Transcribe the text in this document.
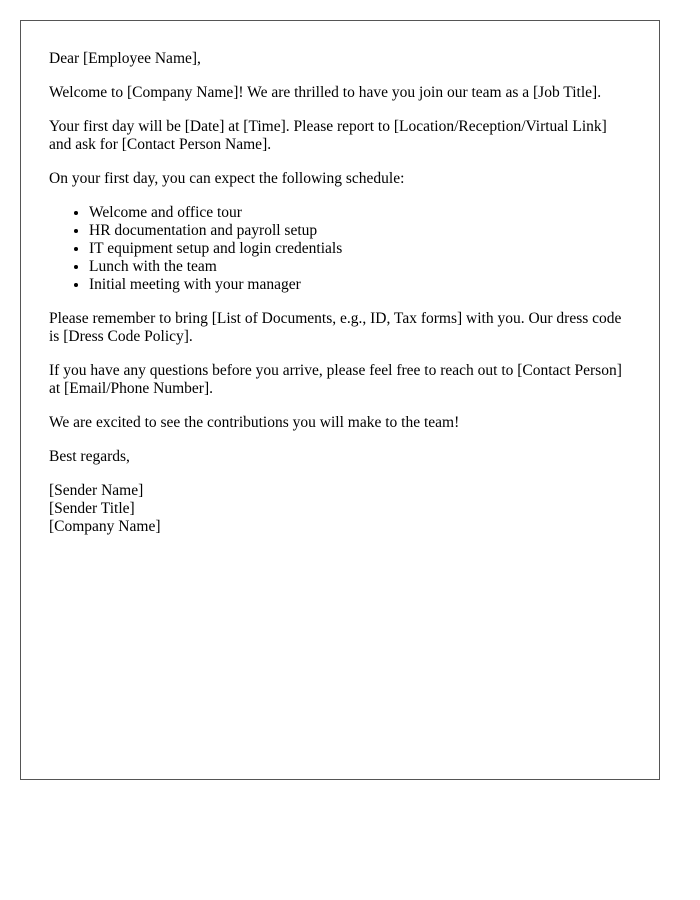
Dear [Employee Name],

Welcome to [Company Name]! We are thrilled to have you join our team as a [Job Title].

Your first day will be [Date] at [Time]. Please report to [Location/Reception/Virtual Link] and ask for [Contact Person Name].

On your first day, you can expect the following schedule:

• Welcome and office tour
• HR documentation and payroll setup
• IT equipment setup and login credentials
• Lunch with the team
• Initial meeting with your manager

Please remember to bring [List of Documents, e.g., ID, Tax forms] with you. Our dress code is [Dress Code Policy].

If you have any questions before you arrive, please feel free to reach out to [Contact Person] at [Email/Phone Number].

We are excited to see the contributions you will make to the team!

Best regards,

[Sender Name]
[Sender Title]
[Company Name]
